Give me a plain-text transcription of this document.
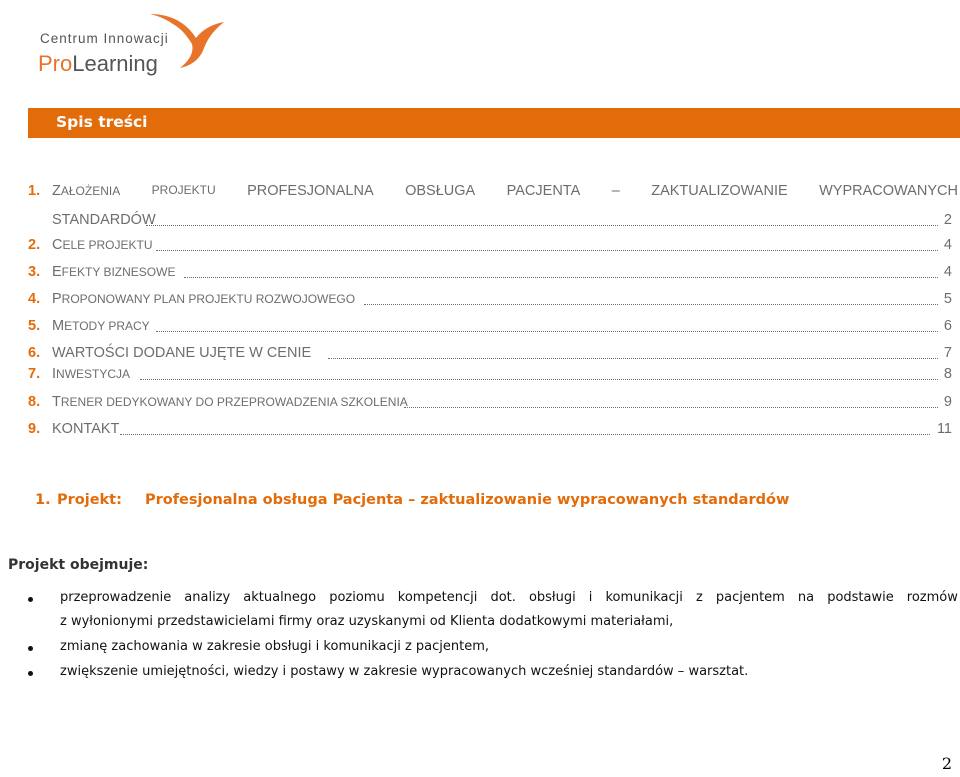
Centrum Innowacji
ProLearning
Spis treści
1. ZAŁOŻENIA	PROJEKTU PROFESJONALNA OBSŁUGA PACJENTA – ZAKTUALIZOWANIE WYPRACOWANYCH
STANDARDÓW	2
2. CELE PROJEKTU	4
3. EFEKTY BIZNESOWE	4
4. PROPONOWANY PLAN PROJEKTU ROZWOJOWEGO	5
5. METODY PRACY	6
6. WARTOŚCI DODANE UJĘTE W CENIE	7
7. INWESTYCJA	8
8. TRENER DEDYKOWANY DO PRZEPROWADZENIA SZKOLENIA	9
9. KONTAKT	11
1. Projekt: Profesjonalna obsługa Pacjenta – zaktualizowanie wypracowanych standardów
Projekt obejmuje:
przeprowadzenie analizy aktualnego poziomu kompetencji dot. obsługi i komunikacji z pacjentem na podstawie rozmów
z wyłonionymi przedstawicielami firmy oraz uzyskanymi od Klienta dodatkowymi materiałami,
zmianę zachowania w zakresie obsługi i komunikacji z pacjentem,
zwiększenie umiejętności, wiedzy i postawy w zakresie wypracowanych wcześniej standardów – warsztat.
2
